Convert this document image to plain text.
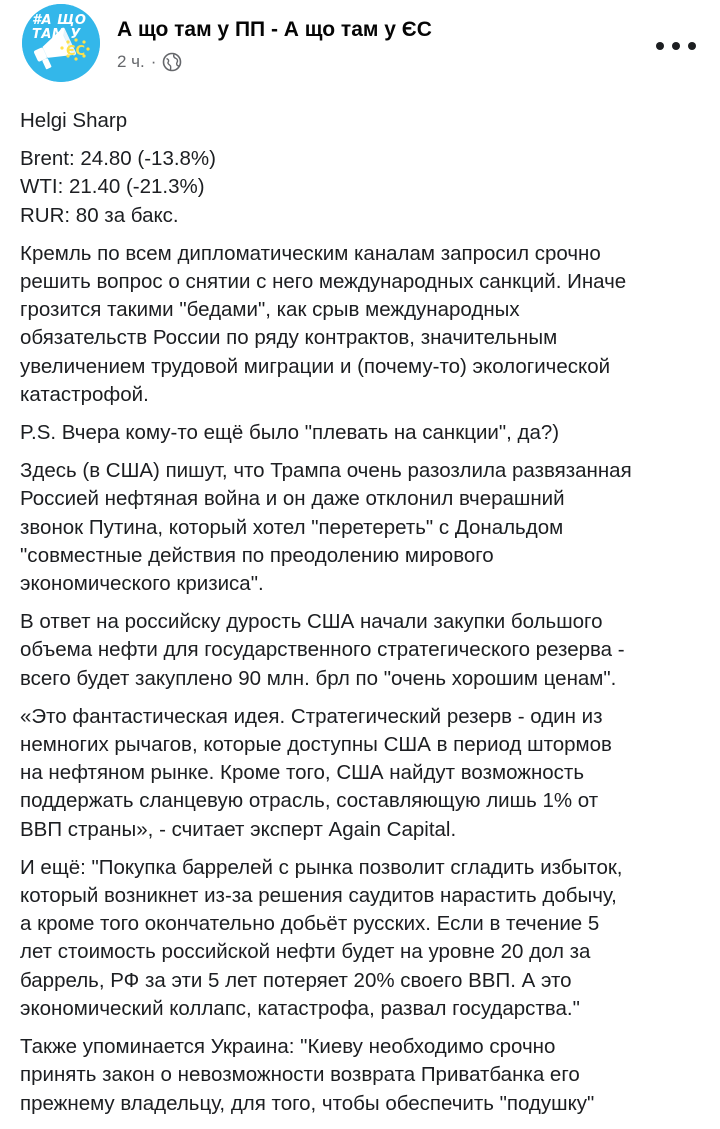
#А ЩО
ТАМ У
ЄС
А що там у ПП - А що там у ЄС
2 ч. ·

Helgi Sharp

Brent: 24.80 (-13.8%)
WTI: 21.40 (-21.3%)
RUR: 80 за бакс.

Кремль по всем дипломатическим каналам запросил срочно
решить вопрос о снятии с него международных санкций. Иначе
грозится такими "бедами", как срыв международных
обязательств России по ряду контрактов, значительным
увеличением трудовой миграции и (почему-то) экологической
катастрофой.

P.S. Вчера кому-то ещё было "плевать на санкции", да?)

Здесь (в США) пишут, что Трампа очень разозлила развязанная
Россией нефтяная война и он даже отклонил вчерашний
звонок Путина, который хотел "перетереть" с Дональдом
"совместные действия по преодолению мирового
экономического кризиса".

В ответ на российску дурость США начали закупки большого
объема нефти для государственного стратегического резерва -
всего будет закуплено 90 млн. брл по "очень хорошим ценам".

«Это фантастическая идея. Стратегический резерв - один из
немногих рычагов, которые доступны США в период штормов
на нефтяном рынке. Кроме того, США найдут возможность
поддержать сланцевую отрасль, составляющую лишь 1% от
ВВП страны», - считает эксперт Again Capital.

И ещё: "Покупка баррелей с рынка позволит сгладить избыток,
который возникнет из-за решения саудитов нарастить добычу,
а кроме того окончательно добьёт русских. Если в течение 5
лет стоимость российской нефти будет на уровне 20 дол за
баррель, РФ за эти 5 лет потеряет 20% своего ВВП. А это
экономический коллапс, катастрофа, развал государства."

Также упоминается Украина: "Киеву необходимо срочно
принять закон о невозможности возврата Приватбанка его
прежнему владельцу, для того, чтобы обеспечить "подушку"
